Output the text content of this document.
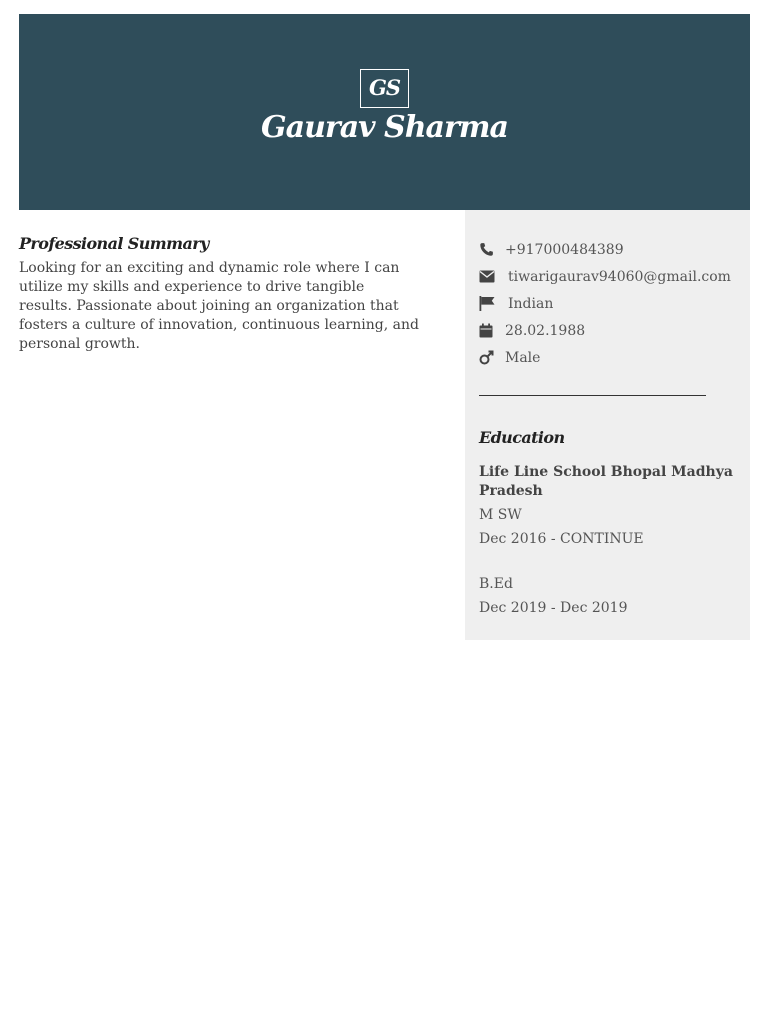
GS
Gaurav Sharma
Professional Summary

Looking for an exciting and dynamic role where I can utilize my skills and experience to drive tangible results. Passionate about joining an organization that fosters a culture of innovation, continuous learning, and personal growth.

+917000484389
tiwarigaurav94060@gmail.com
Indian
28.02.1988
Male
Education

Life Line School Bhopal Madhya Pradesh

M SW
Dec 2016 - CONTINUE
B.Ed
Dec 2019 - Dec 2019
